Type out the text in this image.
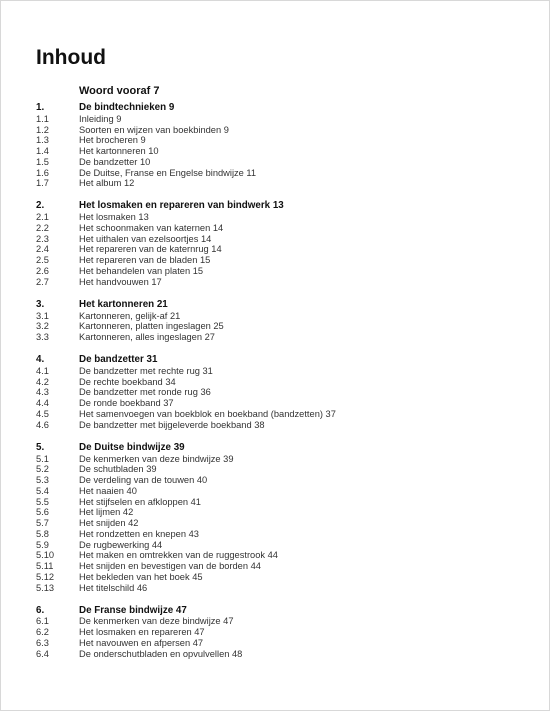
Inhoud
Woord vooraf 7
1.	De bindtechnieken 9
1.1	Inleiding 9
1.2	Soorten en wijzen van boekbinden 9
1.3	Het brocheren 9
1.4	Het kartonneren 10
1.5	De bandzetter 10
1.6	De Duitse, Franse en Engelse bindwijze 11
1.7	Het album 12
2.	Het losmaken en repareren van bindwerk 13
2.1	Het losmaken 13
2.2	Het schoonmaken van katernen 14
2.3	Het uithalen van ezelsoortjes 14
2.4	Het repareren van de katernrug 14
2.5	Het repareren van de bladen 15
2.6	Het behandelen van platen 15
2.7	Het handvouwen 17
3.	Het kartonneren 21
3.1	Kartonneren, gelijk-af 21
3.2	Kartonneren, platten ingeslagen 25
3.3	Kartonneren, alles ingeslagen 27
4.	De bandzetter 31
4.1	De bandzetter met rechte rug 31
4.2	De rechte boekband 34
4.3	De bandzetter met ronde rug 36
4.4	De ronde boekband 37
4.5	Het samenvoegen van boekblok en boekband (bandzetten) 37
4.6	De bandzetter met bijgeleverde boekband 38
5.	De Duitse bindwijze 39
5.1	De kenmerken van deze bindwijze 39
5.2	De schutbladen 39
5.3	De verdeling van de touwen 40
5.4	Het naaien 40
5.5	Het stijfselen en afkloppen 41
5.6	Het lijmen 42
5.7	Het snijden 42
5.8	Het rondzetten en knepen 43
5.9	De rugbewerking 44
5.10	Het maken en omtrekken van de ruggestrook 44
5.11	Het snijden en bevestigen van de borden 44
5.12	Het bekleden van het boek 45
5.13	Het titelschild 46
6.	De Franse bindwijze 47
6.1	De kenmerken van deze bindwijze 47
6.2	Het losmaken en repareren 47
6.3	Het navouwen en afpersen 47
6.4	De onderschutbladen en opvulvellen 48
